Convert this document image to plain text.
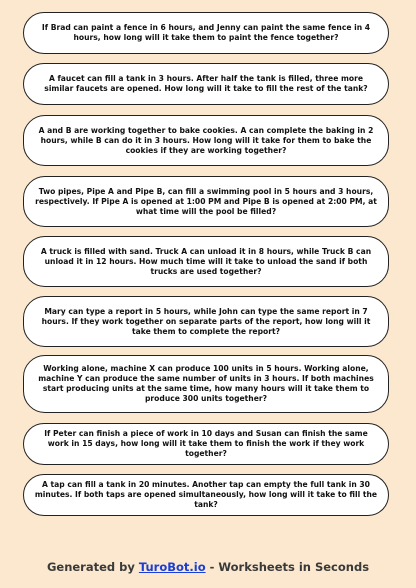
If Brad can paint a fence in 6 hours, and Jenny can paint the same fence in 4 hours, how long will it take them to paint the fence together?
A faucet can fill a tank in 3 hours. After half the tank is filled, three more similar faucets are opened. How long will it take to fill the rest of the tank?
A and B are working together to bake cookies. A can complete the baking in 2 hours, while B can do it in 3 hours. How long will it take for them to bake the cookies if they are working together?
Two pipes, Pipe A and Pipe B, can fill a swimming pool in 5 hours and 3 hours, respectively. If Pipe A is opened at 1:00 PM and Pipe B is opened at 2:00 PM, at what time will the pool be filled?
A truck is filled with sand. Truck A can unload it in 8 hours, while Truck B can unload it in 12 hours. How much time will it take to unload the sand if both trucks are used together?
Mary can type a report in 5 hours, while John can type the same report in 7 hours. If they work together on separate parts of the report, how long will it take them to complete the report?
Working alone, machine X can produce 100 units in 5 hours. Working alone, machine Y can produce the same number of units in 3 hours. If both machines start producing units at the same time, how many hours will it take them to produce 300 units together?
If Peter can finish a piece of work in 10 days and Susan can finish the same work in 15 days, how long will it take them to finish the work if they work together?
A tap can fill a tank in 20 minutes. Another tap can empty the full tank in 30 minutes. If both taps are opened simultaneously, how long will it take to fill the tank?
Generated by TuroBot.io - Worksheets in Seconds
